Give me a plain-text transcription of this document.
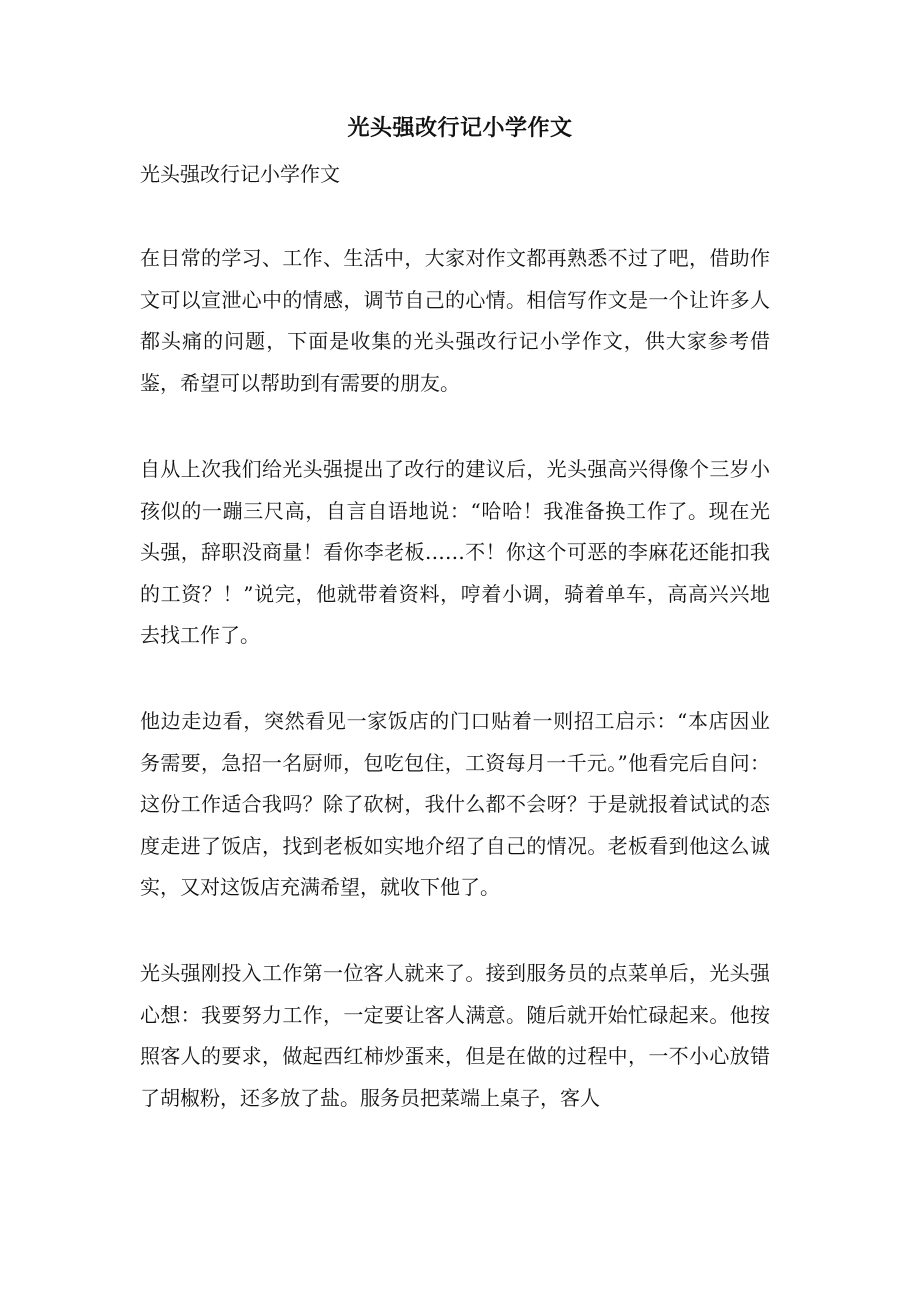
光头强改行记小学作文
光头强改行记小学作文
在日常的学习、工作、生活中，大家对作文都再熟悉不过了吧，借助作文可以宣泄心中的情感，调节自己的心情。相信写作文是一个让许多人都头痛的问题，下面是收集的光头强改行记小学作文，供大家参考借鉴，希望可以帮助到有需要的朋友。
自从上次我们给光头强提出了改行的建议后，光头强高兴得像个三岁小孩似的一蹦三尺高，自言自语地说：“哈哈！我准备换工作了。现在光头强，辞职没商量！看你李老板……不！你这个可恶的李麻花还能扣我的工资？！”说完，他就带着资料，哼着小调，骑着单车，高高兴兴地去找工作了。
他边走边看，突然看见一家饭店的门口贴着一则招工启示：“本店因业务需要，急招一名厨师，包吃包住，工资每月一千元。”他看完后自问：这份工作适合我吗？除了砍树，我什么都不会呀？于是就报着试试的态度走进了饭店，找到老板如实地介绍了自己的情况。老板看到他这么诚实，又对这饭店充满希望，就收下他了。
光头强刚投入工作第一位客人就来了。接到服务员的点菜单后，光头强心想：我要努力工作，一定要让客人满意。随后就开始忙碌起来。他按照客人的要求，做起西红柿炒蛋来，但是在做的过程中，一不小心放错了胡椒粉，还多放了盐。服务员把菜端上桌子，客人
